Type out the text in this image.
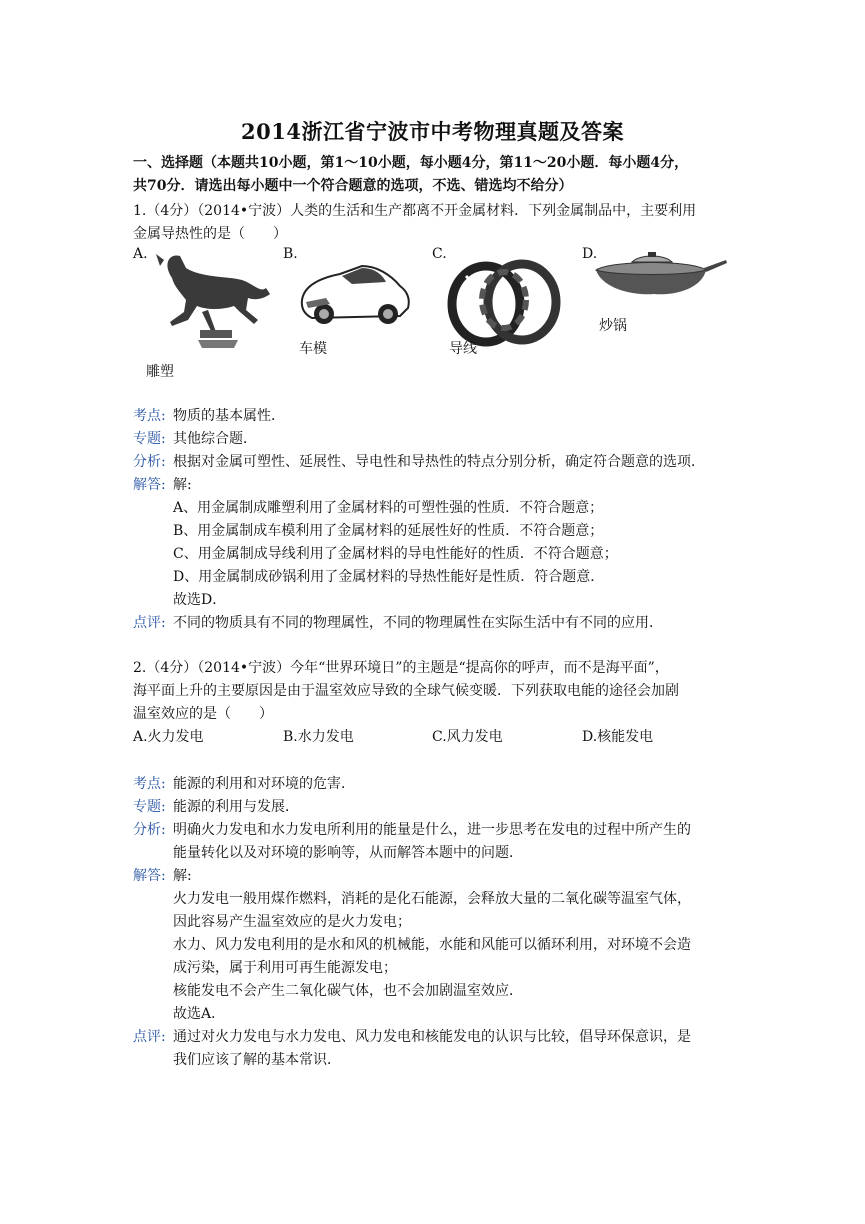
2014浙江省宁波市中考物理真题及答案
一、选择题（本题共10小题，第1～10小题，每小题4分，第11～20小题．每小题4分，
共70分．请选出每小题中一个符合题意的选项，不选、错选均不给分）
1.（4分）（2014•宁波）人类的生活和生产都离不开金属材料．下列金属制品中，主要利用
金属导热性的是（　　）
A.	B.	C.	D.
车模	导线
炒锅
雕塑
考点: 物质的基本属性．
专题: 其他综合题．
分析: 根据对金属可塑性、延展性、导电性和导热性的特点分别分析，确定符合题意的选项．
解答: 解:
A、用金属制成雕塑利用了金属材料的可塑性强的性质．不符合题意；
B、用金属制成车模利用了金属材料的延展性好的性质．不符合题意；
C、用金属制成导线利用了金属材料的导电性能好的性质．不符合题意；
D、用金属制成砂锅利用了金属材料的导热性能好是性质．符合题意．
故选D．
点评: 不同的物质具有不同的物理属性，不同的物理属性在实际生活中有不同的应用．
2.（4分）（2014•宁波）今年“世界环境日”的主题是“提高你的呼声，而不是海平面”，
海平面上升的主要原因是由于温室效应导致的全球气候变暖．下列获取电能的途径会加剧
温室效应的是（　　）
A.火力发电	B.水力发电	C.风力发电	D.核能发电
考点: 能源的利用和对环境的危害．
专题: 能源的利用与发展．
分析: 明确火力发电和水力发电所利用的能量是什么，进一步思考在发电的过程中所产生的
能量转化以及对环境的影响等，从而解答本题中的问题．
解答: 解:
火力发电一般用煤作燃料，消耗的是化石能源，会释放大量的二氧化碳等温室气体，
因此容易产生温室效应的是火力发电；
水力、风力发电利用的是水和风的机械能，水能和风能可以循环利用，对环境不会造
成污染，属于利用可再生能源发电；
核能发电不会产生二氧化碳气体，也不会加剧温室效应．
故选A．
点评: 通过对火力发电与水力发电、风力发电和核能发电的认识与比较，倡导环保意识，是
我们应该了解的基本常识．
